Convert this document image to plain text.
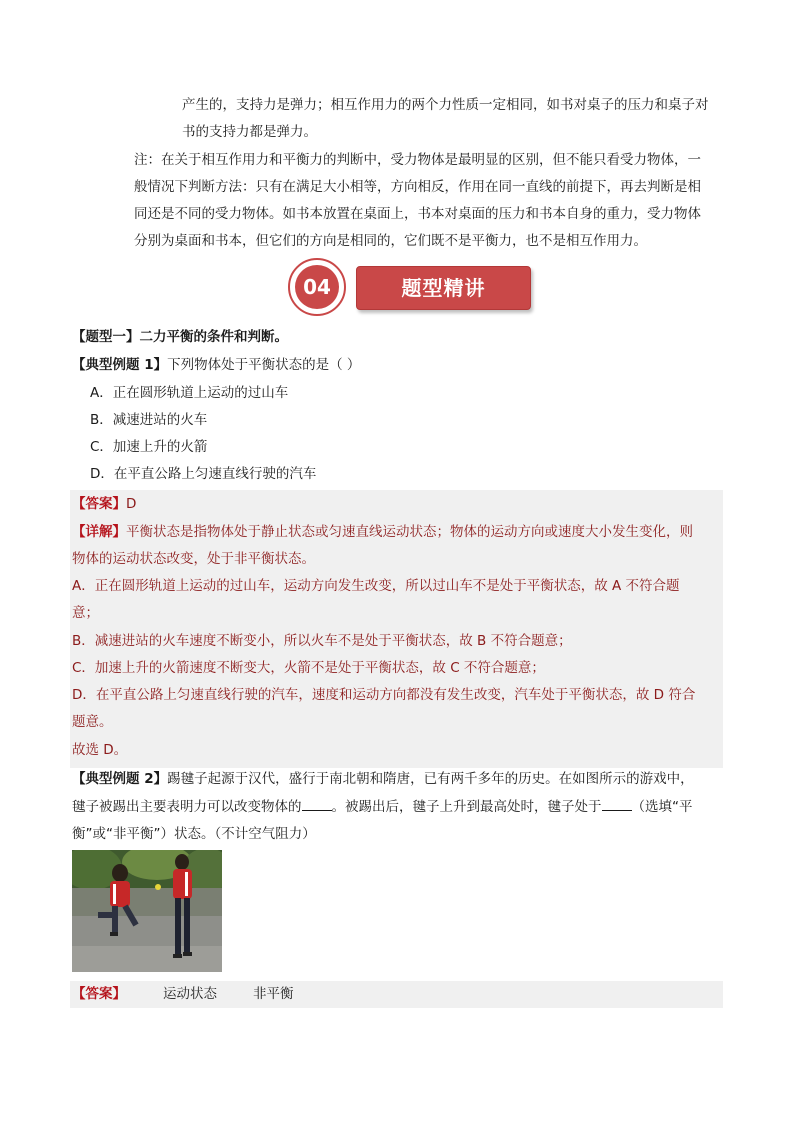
产生的，支持力是弹力；相互作用力的两个力性质一定相同，如书对桌子的压力和桌子对
书的支持力都是弹力。
注：在关于相互作用力和平衡力的判断中，受力物体是最明显的区别，但不能只看受力物体，一
般情况下判断方法：只有在满足大小相等，方向相反，作用在同一直线的前提下，再去判断是相
同还是不同的受力物体。如书本放置在桌面上，书本对桌面的压力和书本自身的重力，受力物体
分别为桌面和书本，但它们的方向是相同的，它们既不是平衡力，也不是相互作用力。
04	题型精讲
【题型一】二力平衡的条件和判断。
【典型例题 1】下列物体处于平衡状态的是（ ）
A．正在圆形轨道上运动的过山车
B．减速进站的火车
C．加速上升的火箭
D．在平直公路上匀速直线行驶的汽车
【答案】D
【详解】平衡状态是指物体处于静止状态或匀速直线运动状态；物体的运动方向或速度大小发生变化，则
物体的运动状态改变，处于非平衡状态。
A．正在圆形轨道上运动的过山车，运动方向发生改变，所以过山车不是处于平衡状态，故 A 不符合题
意；
B．减速进站的火车速度不断变小，所以火车不是处于平衡状态，故 B 不符合题意；
C．加速上升的火箭速度不断变大，火箭不是处于平衡状态，故 C 不符合题意；
D．在平直公路上匀速直线行驶的汽车，速度和运动方向都没有发生改变，汽车处于平衡状态，故 D 符合
题意。
故选 D。
【典型例题 2】踢毽子起源于汉代，盛行于南北朝和隋唐，已有两千多年的历史。在如图所示的游戏中，
毽子被踢出主要表明力可以改变物体的 。被踢出后，毽子上升到最高处时，毽子处于 （选填“平
衡”或“非平衡”）状态。（不计空气阻力）
【答案】	运动状态	非平衡
